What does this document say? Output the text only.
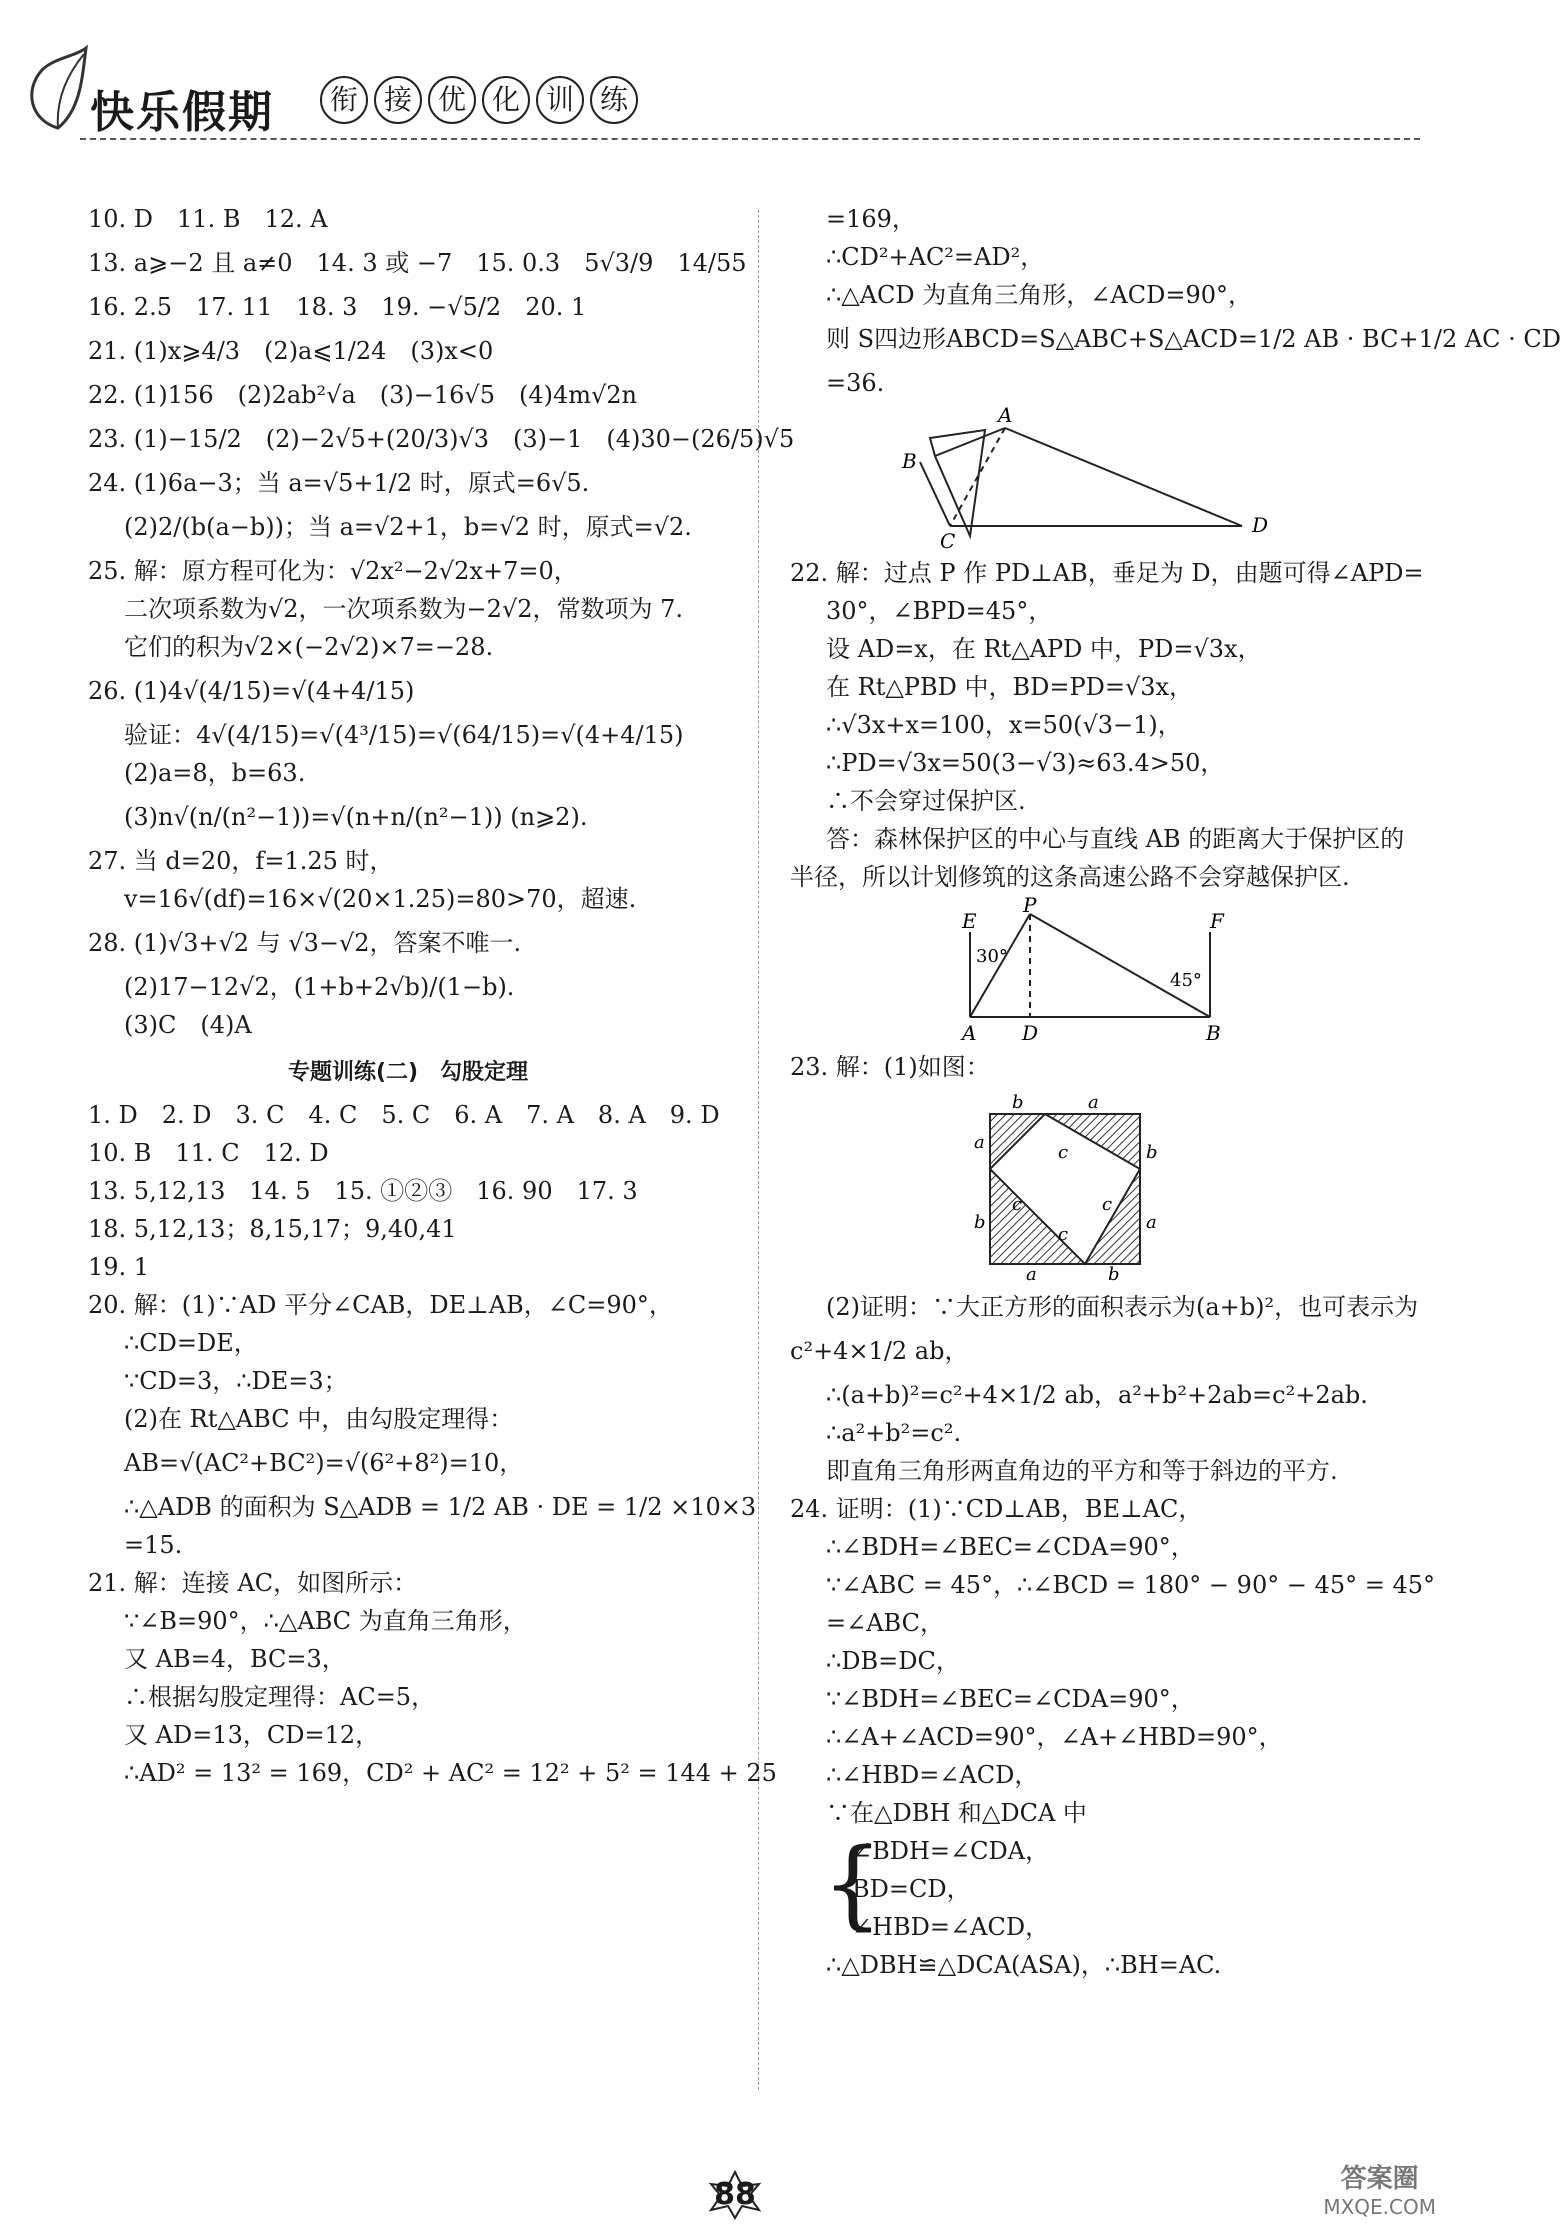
快乐假期	衔 接 优 化 训 练
10. D　11. B　12. A
13. a⩾−2 且 a≠0　14. 3 或 −7　15. 0.3　5√3/9　14/55
16. 2.5　17. 11　18. 3　19. −√5/2　20. 1
21. (1)x⩾4/3　(2)a⩽1/24　(3)x<0
22. (1)156　(2)2ab²√a　(3)−16√5　(4)4m√2n
23. (1)−15/2　(2)−2√5+(20/3)√3　(3)−1　(4)30−(26/5)√5
24. (1)6a−3；当 a=√5+1/2 时，原式=6√5.
(2)2/(b(a−b))；当 a=√2+1，b=√2 时，原式=√2.
25. 解：原方程可化为：√2x²−2√2x+7=0，
二次项系数为√2，一次项系数为−2√2，常数项为 7.
它们的积为√2×(−2√2)×7=−28.
26. (1)4√(4/15)=√(4+4/15)
验证：4√(4/15)=√(4³/15)=√(64/15)=√(4+4/15)
(2)a=8，b=63.
(3)n√(n/(n²−1))=√(n+n/(n²−1)) (n⩾2).
27. 当 d=20，f=1.25 时，
v=16√(df)=16×√(20×1.25)=80>70，超速.
28. (1)√3+√2 与 √3−√2，答案不唯一.
(2)17−12√2，(1+b+2√b)/(1−b).
(3)C　(4)A
专题训练(二)　勾股定理
1. D　2. D　3. C　4. C　5. C　6. A　7. A　8. A　9. D
10. B　11. C　12. D
13. 5,12,13　14. 5　15. ①②③　16. 90　17. 3
18. 5,12,13；8,15,17；9,40,41
19. 1
20. 解：(1)∵AD 平分∠CAB，DE⊥AB，∠C=90°，
∴CD=DE，
∵CD=3，∴DE=3；
(2)在 Rt△ABC 中，由勾股定理得：
AB=√(AC²+BC²)=√(6²+8²)=10，
∴△ADB 的面积为 S△ADB = 1/2 AB · DE = 1/2 ×10×3
=15.
21. 解：连接 AC，如图所示：
∵∠B=90°，∴△ABC 为直角三角形，
又 AB=4，BC=3，
∴根据勾股定理得：AC=5，
又 AD=13，CD=12，
∴AD² = 13² = 169，CD² + AC² = 12² + 5² = 144 + 25
=169，
∴CD²+AC²=AD²，
∴△ACD 为直角三角形，∠ACD=90°，
则 S四边形ABCD=S△ABC+S△ACD=1/2 AB · BC+1/2 AC · CD
=36.
A
B
C
D
22. 解：过点 P 作 PD⊥AB，垂足为 D，由题可得∠APD=
30°，∠BPD=45°，
设 AD=x，在 Rt△APD 中，PD=√3x，
在 Rt△PBD 中，BD=PD=√3x，
∴√3x+x=100，x=50(√3−1)，
∴PD=√3x=50(3−√3)≈63.4>50，
∴不会穿过保护区.
答：森林保护区的中心与直线 AB 的距离大于保护区的
半径，所以计划修筑的这条高速公路不会穿越保护区.
E
P
F
30°
45°
A D	B
23. 解：(1)如图：
b	a
a	c	b
c	c
b	a
c
a	b
(2)证明：∵大正方形的面积表示为(a+b)²，也可表示为
c²+4×1/2 ab，
∴(a+b)²=c²+4×1/2 ab，a²+b²+2ab=c²+2ab.
∴a²+b²=c².
即直角三角形两直角边的平方和等于斜边的平方.
24. 证明：(1)∵CD⊥AB，BE⊥AC，
∴∠BDH=∠BEC=∠CDA=90°，
∵∠ABC = 45°，∴∠BCD = 180° − 90° − 45° = 45°
=∠ABC，
∴DB=DC，
∵∠BDH=∠BEC=∠CDA=90°，
∴∠A+∠ACD=90°，∠A+∠HBD=90°，
∴∠HBD=∠ACD，
∵在△DBH 和△DCA 中
{
∠BDH=∠CDA，
BD=CD，
∠HBD=∠ACD，
∴△DBH≌△DCA(ASA)，∴BH=AC.
88	答案圈
MXQE.COM
